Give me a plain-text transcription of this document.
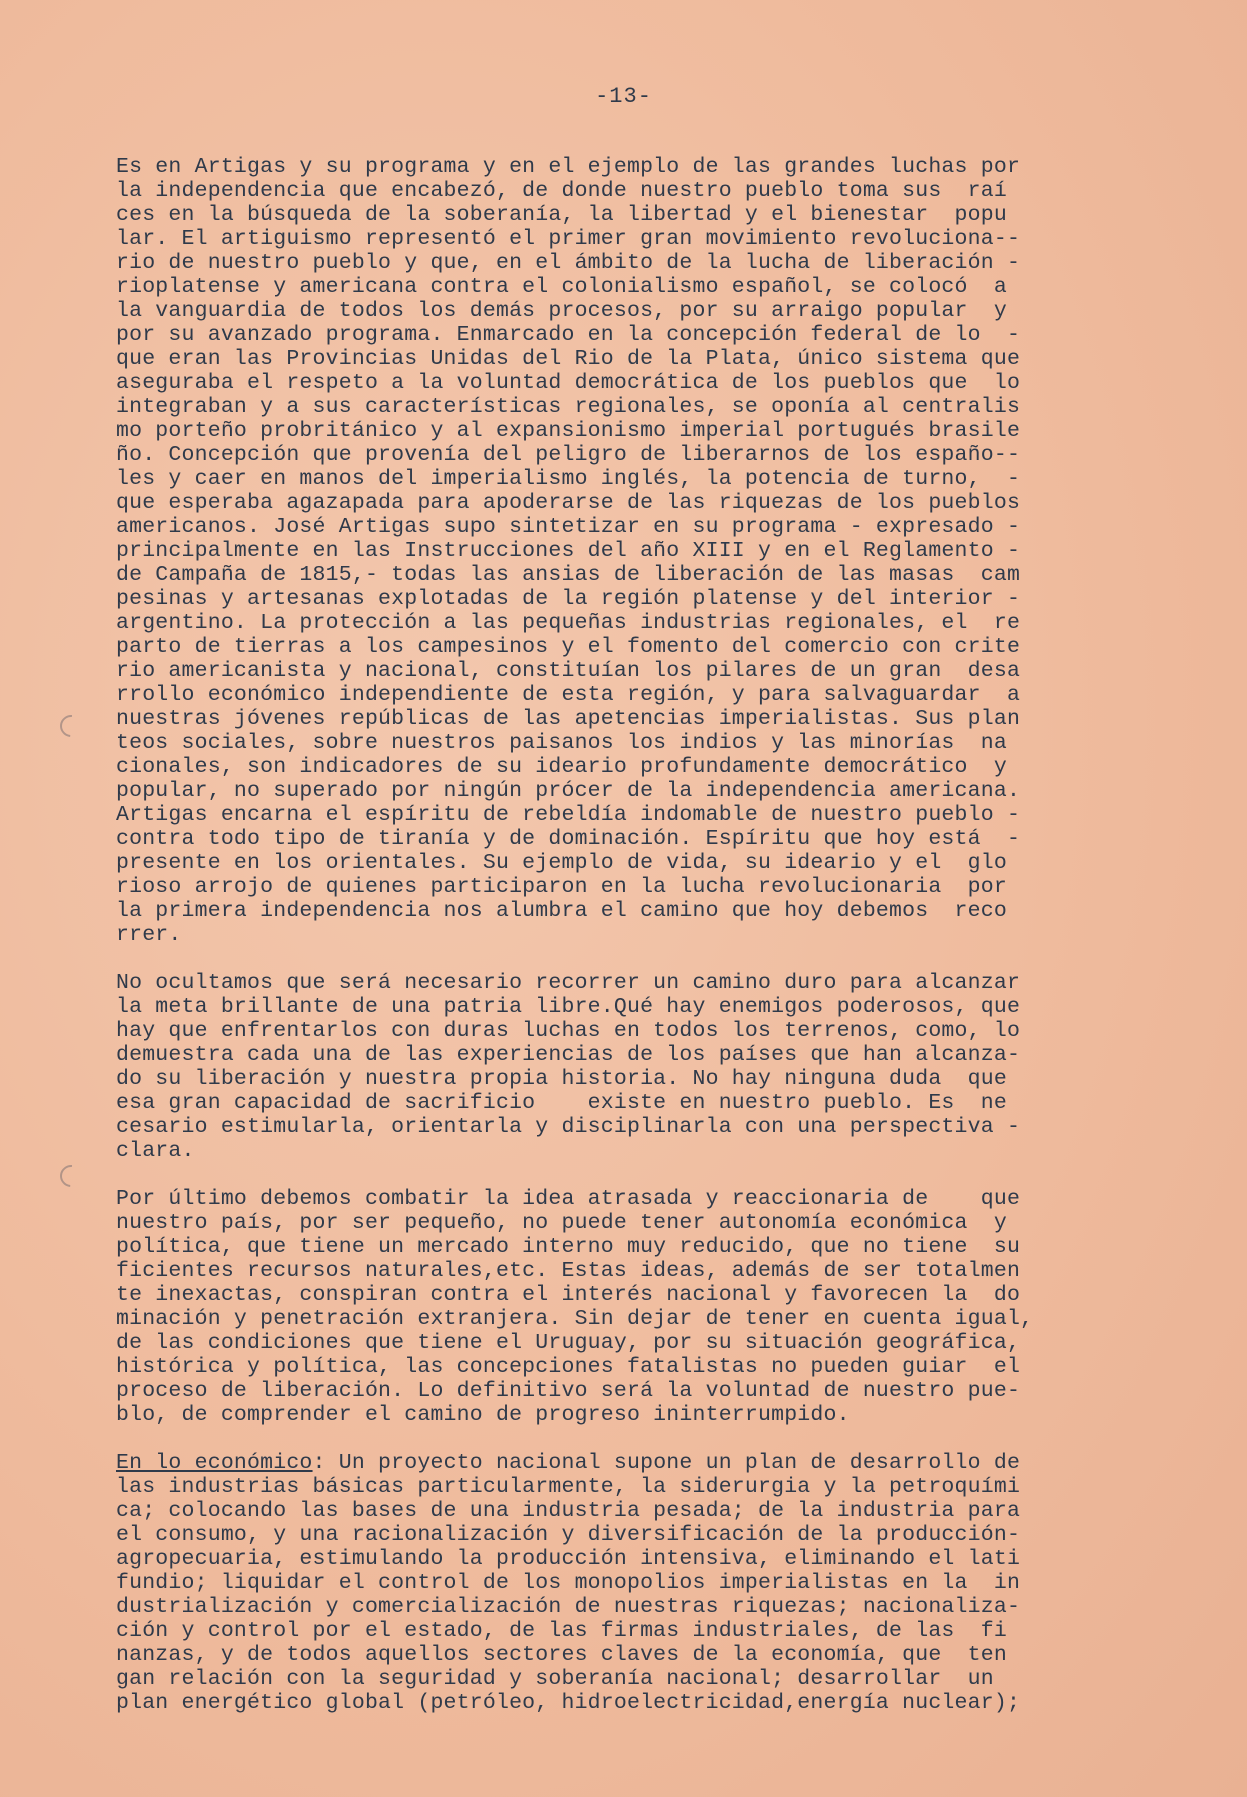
-13-
Es en Artigas y su programa y en el ejemplo de las grandes luchas por
la independencia que encabezó, de donde nuestro pueblo toma sus  raí
ces en la búsqueda de la soberanía, la libertad y el bienestar  popu
lar. El artiguismo representó el primer gran movimiento revoluciona--
rio de nuestro pueblo y que, en el ámbito de la lucha de liberación -
rioplatense y americana contra el colonialismo español, se colocó  a
la vanguardia de todos los demás procesos, por su arraigo popular  y
por su avanzado programa. Enmarcado en la concepción federal de lo  -
que eran las Provincias Unidas del Rio de la Plata, único sistema que
aseguraba el respeto a la voluntad democrática de los pueblos que  lo
integraban y a sus características regionales, se oponía al centralis
mo porteño probritánico y al expansionismo imperial portugués brasile
ño. Concepción que provenía del peligro de liberarnos de los españo--
les y caer en manos del imperialismo inglés, la potencia de turno,  -
que esperaba agazapada para apoderarse de las riquezas de los pueblos
americanos. José Artigas supo sintetizar en su programa - expresado -
principalmente en las Instrucciones del año XIII y en el Reglamento -
de Campaña de 1815,- todas las ansias de liberación de las masas  cam
pesinas y artesanas explotadas de la región platense y del interior -
argentino. La protección a las pequeñas industrias regionales, el  re
parto de tierras a los campesinos y el fomento del comercio con crite
rio americanista y nacional, constituían los pilares de un gran  desa
rrollo económico independiente de esta región, y para salvaguardar  a
nuestras jóvenes repúblicas de las apetencias imperialistas. Sus plan
teos sociales, sobre nuestros paisanos los indios y las minorías  na
cionales, son indicadores de su ideario profundamente democrático  y
popular, no superado por ningún prócer de la independencia americana.
Artigas encarna el espíritu de rebeldía indomable de nuestro pueblo -
contra todo tipo de tiranía y de dominación. Espíritu que hoy está  -
presente en los orientales. Su ejemplo de vida, su ideario y el  glo
rioso arrojo de quienes participaron en la lucha revolucionaria  por
la primera independencia nos alumbra el camino que hoy debemos  reco
rrer.
No ocultamos que será necesario recorrer un camino duro para alcanzar
la meta brillante de una patria libre.Qué hay enemigos poderosos, que
hay que enfrentarlos con duras luchas en todos los terrenos, como, lo
demuestra cada una de las experiencias de los países que han alcanza-
do su liberación y nuestra propia historia. No hay ninguna duda  que
esa gran capacidad de sacrificio    existe en nuestro pueblo. Es  ne
cesario estimularla, orientarla y disciplinarla con una perspectiva -
clara.
Por último debemos combatir la idea atrasada y reaccionaria de    que
nuestro país, por ser pequeño, no puede tener autonomía económica  y
política, que tiene un mercado interno muy reducido, que no tiene  su
ficientes recursos naturales,etc. Estas ideas, además de ser totalmen
te inexactas, conspiran contra el interés nacional y favorecen la  do
minación y penetración extranjera. Sin dejar de tener en cuenta igual,
de las condiciones que tiene el Uruguay, por su situación geográfica,
histórica y política, las concepciones fatalistas no pueden guiar  el
proceso de liberación. Lo definitivo será la voluntad de nuestro pue-
blo, de comprender el camino de progreso ininterrumpido.
En lo económico: Un proyecto nacional supone un plan de desarrollo de
las industrias básicas particularmente, la siderurgia y la petroquími
ca; colocando las bases de una industria pesada; de la industria para
el consumo, y una racionalización y diversificación de la producción-
agropecuaria, estimulando la producción intensiva, eliminando el lati
fundio; liquidar el control de los monopolios imperialistas en la  in
dustrialización y comercialización de nuestras riquezas; nacionaliza-
ción y control por el estado, de las firmas industriales, de las  fi
nanzas, y de todos aquellos sectores claves de la economía, que  ten
gan relación con la seguridad y soberanía nacional; desarrollar  un
plan energético global (petróleo, hidroelectricidad,energía nuclear);
